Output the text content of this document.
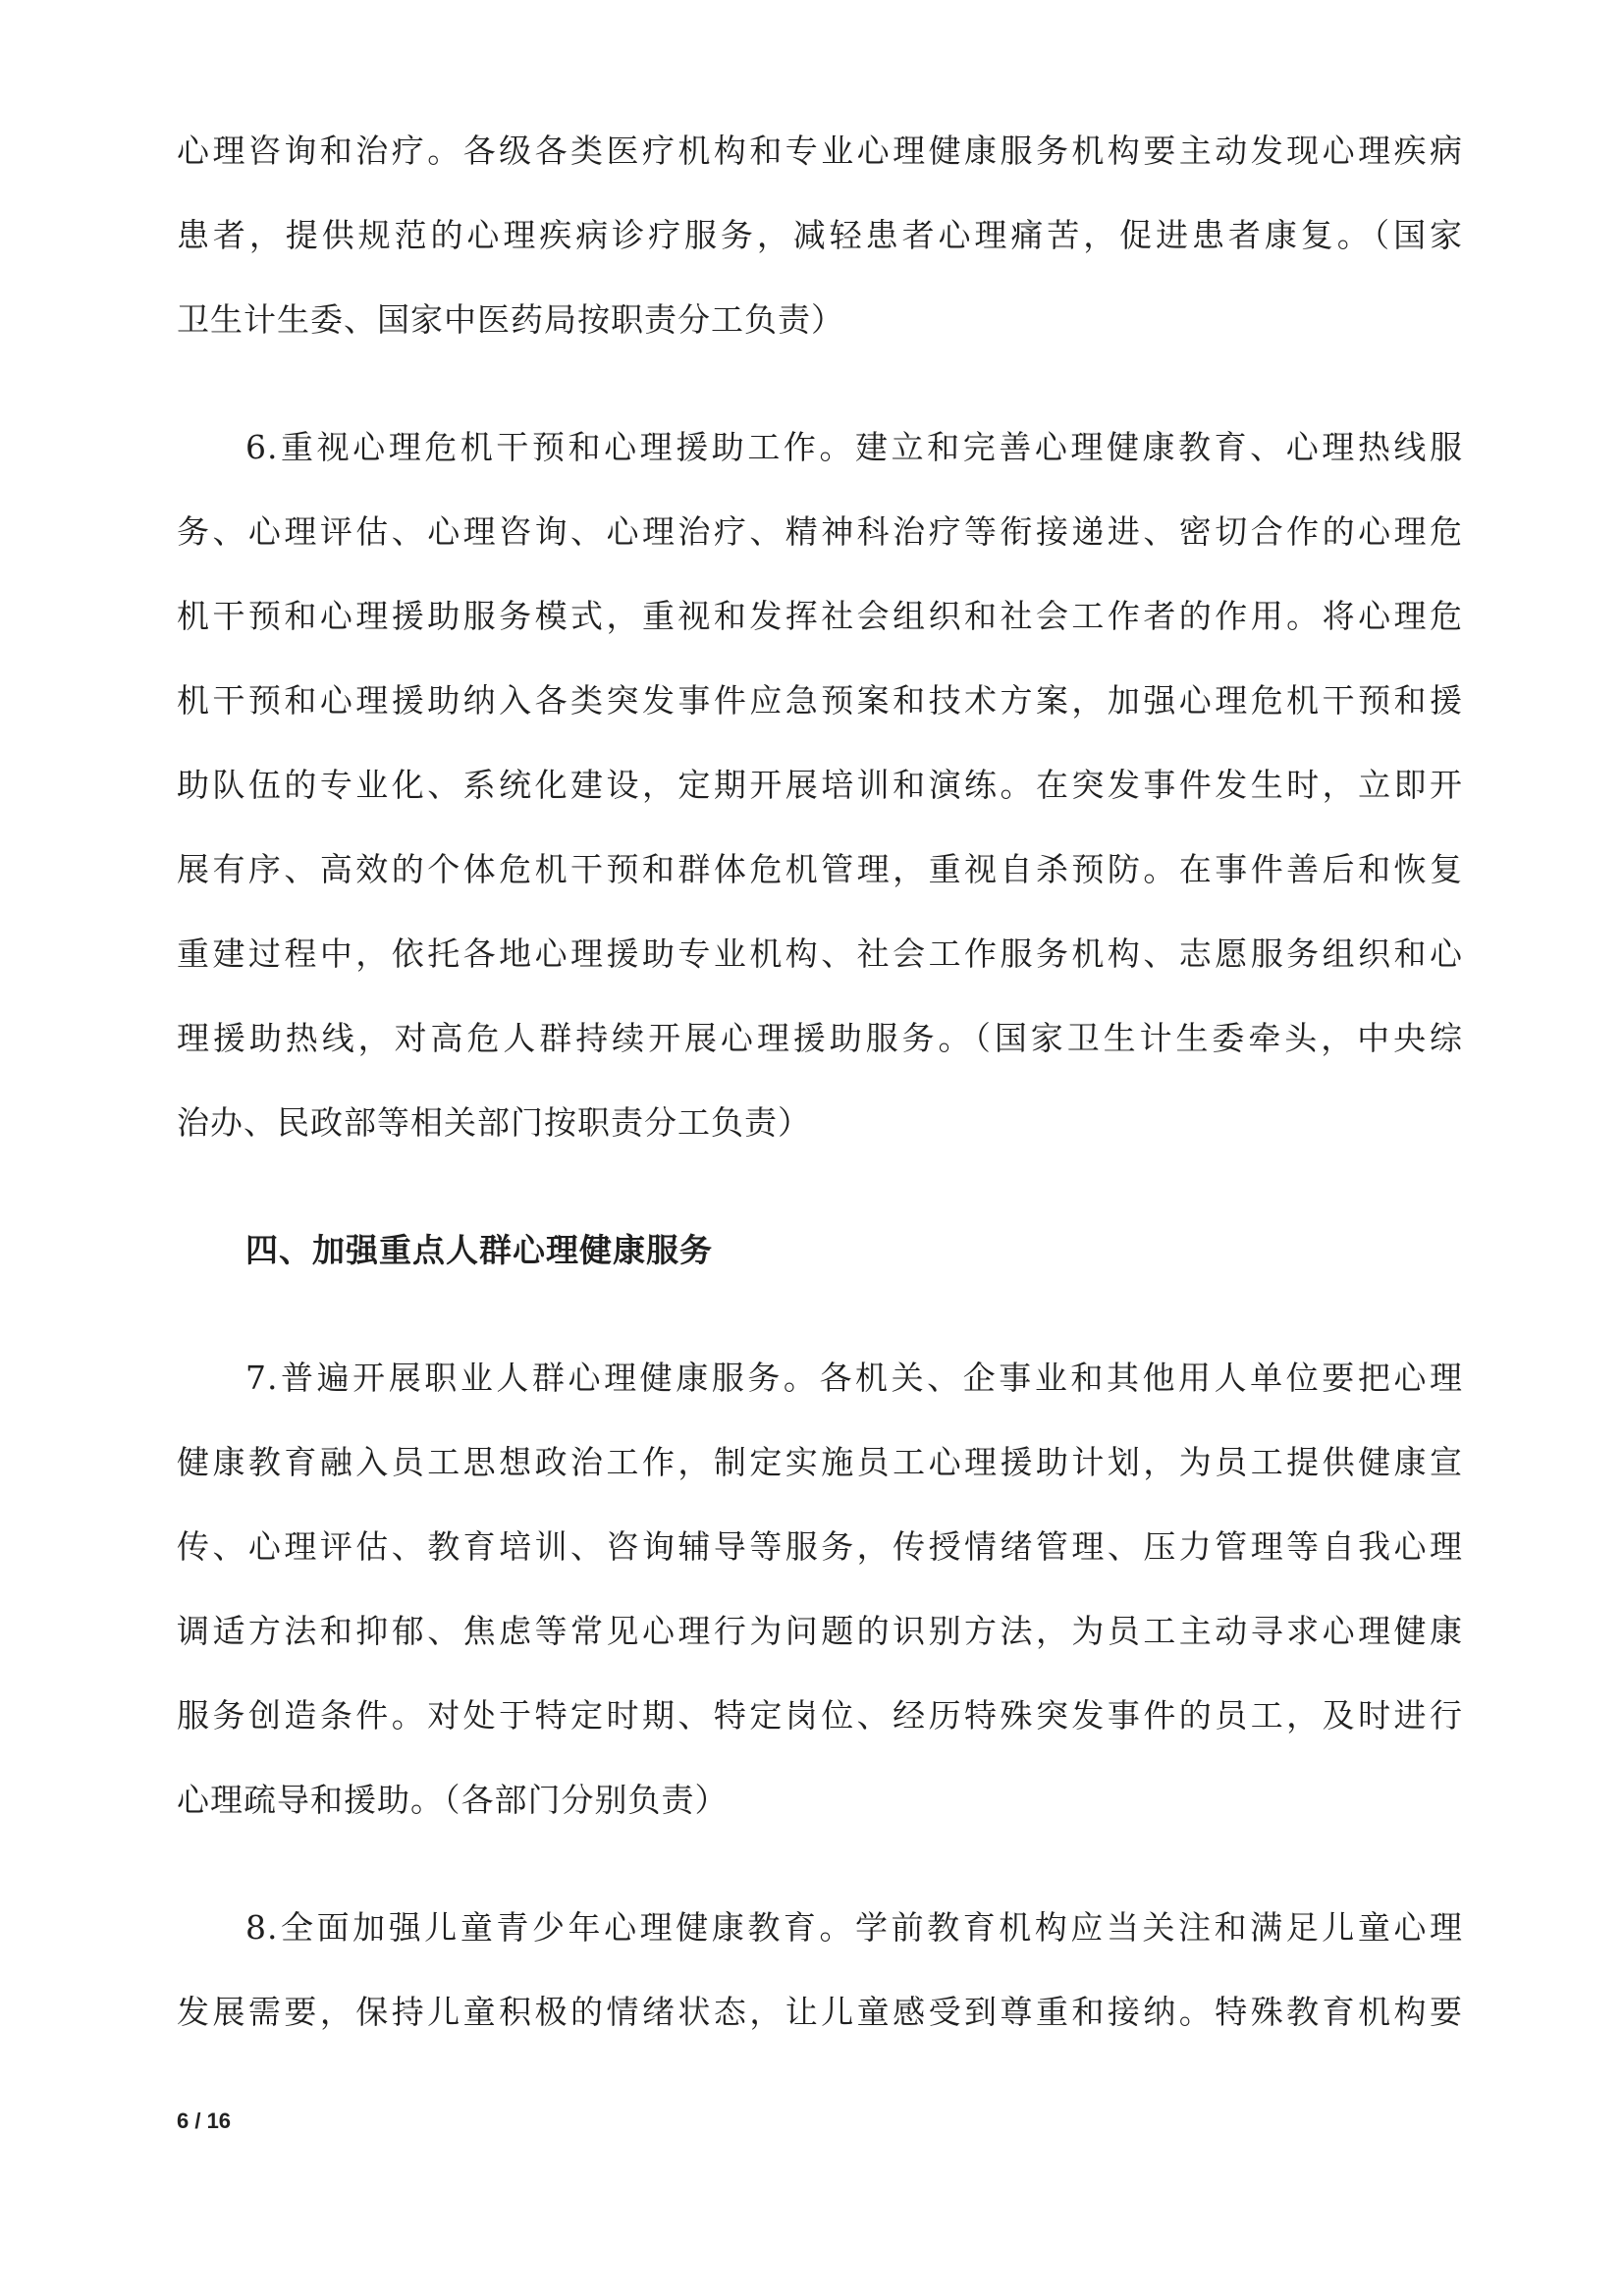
心理咨询和治疗。各级各类医疗机构和专业心理健康服务机构要主动发现心理疾病
患者，提供规范的心理疾病诊疗服务，减轻患者心理痛苦，促进患者康复。（国家
卫生计生委、国家中医药局按职责分工负责）
6.重视心理危机干预和心理援助工作。建立和完善心理健康教育、心理热线服
务、心理评估、心理咨询、心理治疗、精神科治疗等衔接递进、密切合作的心理危
机干预和心理援助服务模式，重视和发挥社会组织和社会工作者的作用。将心理危
机干预和心理援助纳入各类突发事件应急预案和技术方案，加强心理危机干预和援
助队伍的专业化、系统化建设，定期开展培训和演练。在突发事件发生时，立即开
展有序、高效的个体危机干预和群体危机管理，重视自杀预防。在事件善后和恢复
重建过程中，依托各地心理援助专业机构、社会工作服务机构、志愿服务组织和心
理援助热线，对高危人群持续开展心理援助服务。（国家卫生计生委牵头，中央综
治办、民政部等相关部门按职责分工负责）
四、加强重点人群心理健康服务
7.普遍开展职业人群心理健康服务。各机关、企事业和其他用人单位要把心理
健康教育融入员工思想政治工作，制定实施员工心理援助计划，为员工提供健康宣
传、心理评估、教育培训、咨询辅导等服务，传授情绪管理、压力管理等自我心理
调适方法和抑郁、焦虑等常见心理行为问题的识别方法，为员工主动寻求心理健康
服务创造条件。对处于特定时期、特定岗位、经历特殊突发事件的员工，及时进行
心理疏导和援助。（各部门分别负责）
8.全面加强儿童青少年心理健康教育。学前教育机构应当关注和满足儿童心理
发展需要，保持儿童积极的情绪状态，让儿童感受到尊重和接纳。特殊教育机构要
6 / 16
